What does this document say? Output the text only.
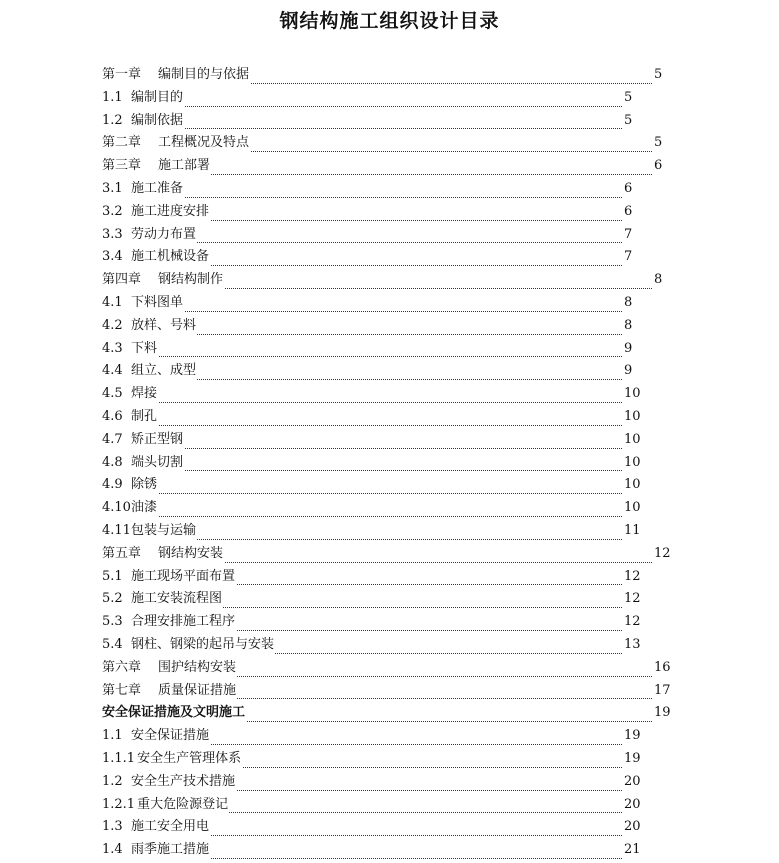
钢结构施工组织设计目录
第一章 编制目的与依据	5
1.1 编制目的	5
1.2 编制依据	5
第二章 工程概况及特点	5
第三章 施工部署	6
3.1 施工准备	6
3.2 施工进度安排	6
3.3 劳动力布置	7
3.4 施工机械设备	7
第四章 钢结构制作	8
4.1 下料图单	8
4.2 放样、号料	8
4.3 下料	9
4.4 组立、成型	9
4.5 焊接	10
4.6 制孔	10
4.7 矫正型钢	10
4.8 端头切割	10
4.9 除锈	10
4.10油漆	10
4.11包装与运输	11
第五章 钢结构安装	12
5.1 施工现场平面布置	12
5.2 施工安装流程图	12
5.3 合理安排施工程序	12
5.4 钢柱、钢梁的起吊与安装	13
第六章 围护结构安装	16
第七章 质量保证措施	17
安全保证措施及文明施工	19
1.1 安全保证措施	19
1.1.1 安全生产管理体系	19
1.2 安全生产技术措施	20
1.2.1 重大危险源登记	20
1.3 施工安全用电	20
1.4 雨季施工措施	21
